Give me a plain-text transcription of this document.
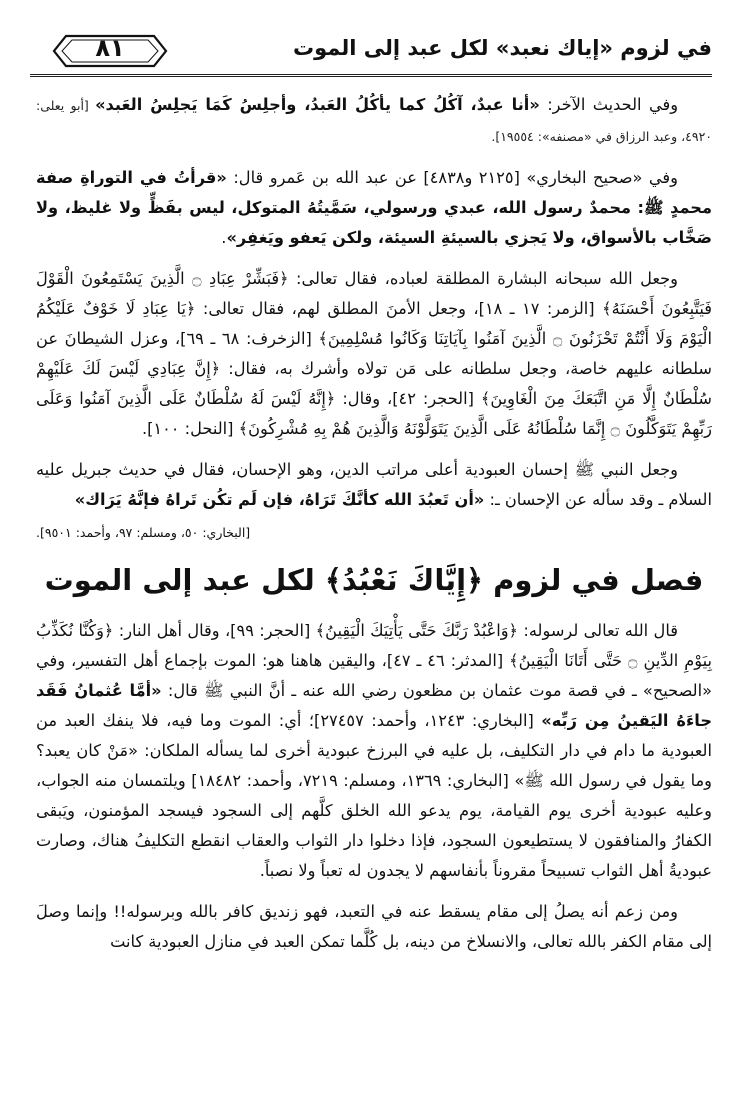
في لزوم «إياك نعبد» لكل عبد إلى الموت
٨١

وفي الحديث الآخر: «أنا عبدٌ، آكُلُ كما يأكُلُ العَبدُ، وأجلِسُ كَمَا يَجلِسُ العَبد» [أبو يعلى: ٤٩٢٠، وعبد الرزاق في «مصنفه»: ١٩٥٥٤].

وفي «صحيح البخاري» [٢١٢٥ و٤٨٣٨] عن عبد الله بن عَمرو قال: «قرأتُ في التوراةِ صفة محمدٍ ﷺ: محمدٌ رسول الله، عبدي ورسولي، سَمَّيتُهُ المتوكل، ليس بفَظٍّ ولا غليظ، ولا صَخَّاب بالأسواق، ولا يَجزي بالسيئةِ السيئة، ولكن يَعفو ويَغفِر».

وجعل الله سبحانه البشارة المطلقة لعباده، فقال تعالى: ﴿فَبَشِّرْ عِبَادِ ۝ الَّذِينَ يَسْتَمِعُونَ الْقَوْلَ فَيَتَّبِعُونَ أَحْسَنَهُ﴾ [الزمر: ١٧ ـ ١٨]، وجعل الأمنَ المطلق لهم، فقال تعالى: ﴿يَا عِبَادِ لَا خَوْفٌ عَلَيْكُمُ الْيَوْمَ وَلَا أَنْتُمْ تَحْزَنُونَ ۝ الَّذِينَ آمَنُوا بِآيَاتِنَا وَكَانُوا مُسْلِمِينَ﴾ [الزخرف: ٦٨ ـ ٦٩]، وعزل الشيطانَ عن سلطانه عليهم خاصة، وجعل سلطانه على مَن تولاه وأشرك به، فقال: ﴿إِنَّ عِبَادِي لَيْسَ لَكَ عَلَيْهِمْ سُلْطَانٌ إِلَّا مَنِ اتَّبَعَكَ مِنَ الْغَاوِينَ﴾ [الحجر: ٤٢]، وقال: ﴿إِنَّهُ لَيْسَ لَهُ سُلْطَانٌ عَلَى الَّذِينَ آمَنُوا وَعَلَى رَبِّهِمْ يَتَوَكَّلُونَ ۝ إِنَّمَا سُلْطَانُهُ عَلَى الَّذِينَ يَتَوَلَّوْنَهُ وَالَّذِينَ هُمْ بِهِ مُشْرِكُونَ﴾ [النحل: ١٠٠].

وجعل النبي ﷺ إحسان العبودية أعلى مراتب الدين، وهو الإحسان، فقال في حديث جبريل عليه السلام ـ وقد سأله عن الإحسان ـ: «أن تَعبُدَ الله كأنَّكَ تَرَاهُ، فإن لَم تكُن تَراهُ فإنَّهُ يَرَاك»

[البخاري: ٥٠، ومسلم: ٩٧، وأحمد: ٩٥٠١].
فصل في لزوم ﴿إِيَّاكَ نَعْبُدُ﴾ لكل عبد إلى الموت

قال الله تعالى لرسوله: ﴿وَاعْبُدْ رَبَّكَ حَتَّى يَأْتِيَكَ الْيَقِينُ﴾ [الحجر: ٩٩]، وقال أهل النار: ﴿وَكُنَّا نُكَذِّبُ بِيَوْمِ الدِّينِ ۝ حَتَّى أَتَانَا الْيَقِينُ﴾ [المدثر: ٤٦ ـ ٤٧]، واليقين هاهنا هو: الموت بإجماع أهل التفسير، وفي «الصحيح» ـ في قصة موت عثمان بن مظعون رضي الله عنه ـ أنَّ النبي ﷺ قال: «أمَّا عُثمانُ فَقَد جاءَهُ اليَقينُ مِن رَبِّه» [البخاري: ١٢٤٣، وأحمد: ٢٧٤٥٧]؛ أي: الموت وما فيه، فلا ينفك العبد من العبودية ما دام في دار التكليف، بل عليه في البرزخ عبودية أخرى لما يسأله الملكان: «مَنْ كان يعبد؟ وما يقول في رسول الله ﷺ» [البخاري: ١٣٦٩، ومسلم: ٧٢١٩، وأحمد: ١٨٤٨٢] ويلتمسان منه الجواب، وعليه عبودية أخرى يوم القيامة، يوم يدعو الله الخلق كلَّهم إلى السجود فيسجد المؤمنون، ويَبقى الكفارُ والمنافقون لا يستطيعون السجود، فإذا دخلوا دار الثواب والعقاب انقطع التكليفُ هناك، وصارت عبوديةُ أهل الثواب تسبيحاً مقروناً بأنفاسهم لا يجدون له تعباً ولا نصباً.

ومن زعم أنه يصلُ إلى مقام يسقط عنه في التعبد، فهو زنديق كافر بالله وبرسوله!! وإنما وصلَ إلى مقام الكفر بالله تعالى، والانسلاخ من دينه، بل كُلَّما تمكن العبد في منازل العبودية كانت
